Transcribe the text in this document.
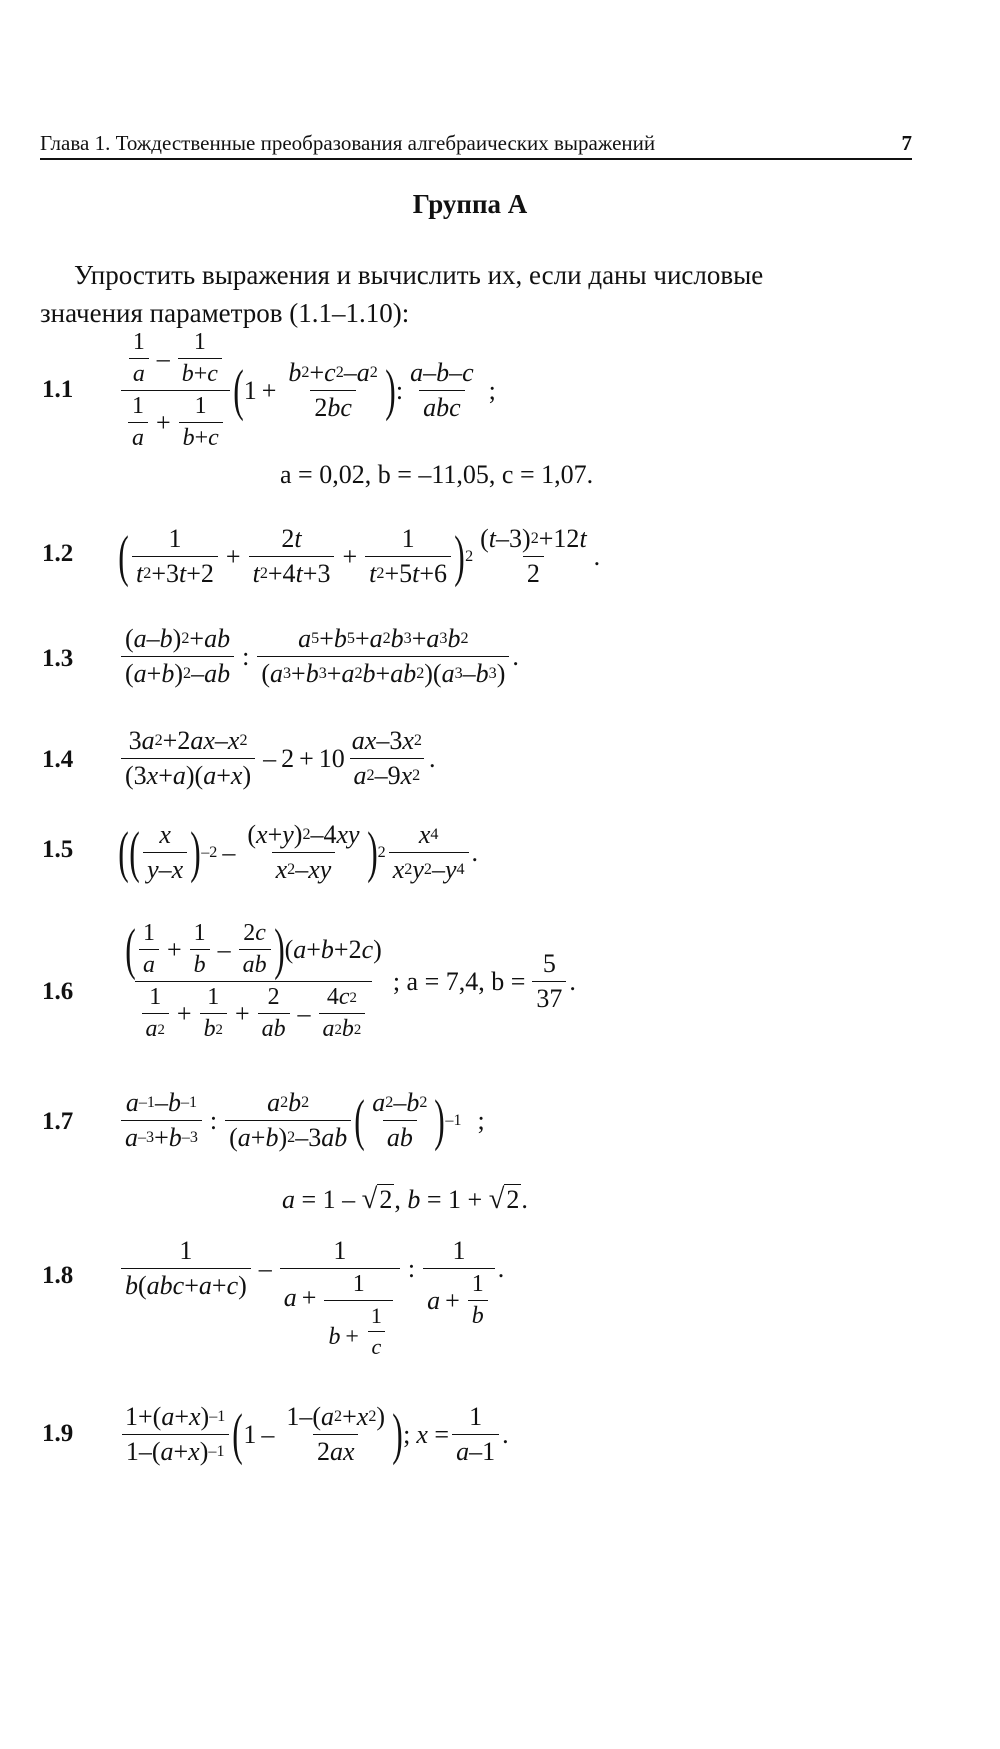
Глава 1. Тождественные преобразования алгебраических выражений	7
Группа А

Упростить выражения и вычислить их, если даны числовые

значения параметров (1.1–1.10):

$1.1 \frac{\frac{1}{a} - \frac{1}{b + c}}{\frac{1}{a} + \frac{1}{b + c}}$ ( $1 + \frac{b 2 + c 2 - a 2}{2 bc}$ ) : $\frac{a - b - c}{\text{abc}}$ ;
a = 0,02, b = –11,05, c = 1,07.
1.2 ( $\frac{1}{t 2 +3 t +2} + \frac{2 t}{t 2 +4 t +3} + \frac{1}{t 2 +5 t +6}$ ) $2 \frac{( t -3) 2 +12 t}{2}$ .
$1.3 \frac{( a - b ) 2 + ab}{( a + b ) 2 - ab}$ : $\frac{a 5 + b 5 + a 2 b 3 + a 3 b 2}{( a 3 + b 3 + a 2 b + ab 2 )( a 3 - b 3 )}$ .
$1.4 \frac{3 a 2 +2 ax - x 2}{(3 x + a )( a + x )} - 2 + 10 \frac{ax -3 x 2}{a 2 -9 x 2}$ .
1.5 ( ( $\frac{x}{y - x}$ ) $-2 - \frac{( x + y ) 2 -4 xy}{x 2 - xy}$ ) $2 \frac{x 4}{x 2 y 2 - y 4}$ .
$1.6 \frac{( \frac{1}{a} + \frac{1}{b} - \frac{2 c}{ab} ) ( a + b +2 c )}{\frac{1}{a 2} + \frac{1}{b 2} + \frac{2}{ab} - \frac{4 c 2}{a 2 b 2}}$ ; a = 7,4, $b = \frac{5}{37}$ .
$1.7 \frac{a -1 - b -1}{a -3 + b -3}$ : $\frac{a 2 b 2}{( a + b ) 2 -3 ab}$ ( $\frac{a 2 - b 2}{ab}$ ) –1 ;
a = 1 – √ 2 , b = 1 + √ 2 .
$1.8 \frac{1}{\text{b ( abc + a + c )}} - \frac{1}{a + \frac{1}{b + \frac{1}{c}}}$ : $\frac{1}{a + \frac{1}{b}}$ .
$1.9 \frac{1+( a + x ) -1}{1-( a + x ) -1}$ ( $1 - \frac{1-( a 2 + x 2 )}{2 ax}$ ) ; $x = \frac{1}{a -1}$ .
